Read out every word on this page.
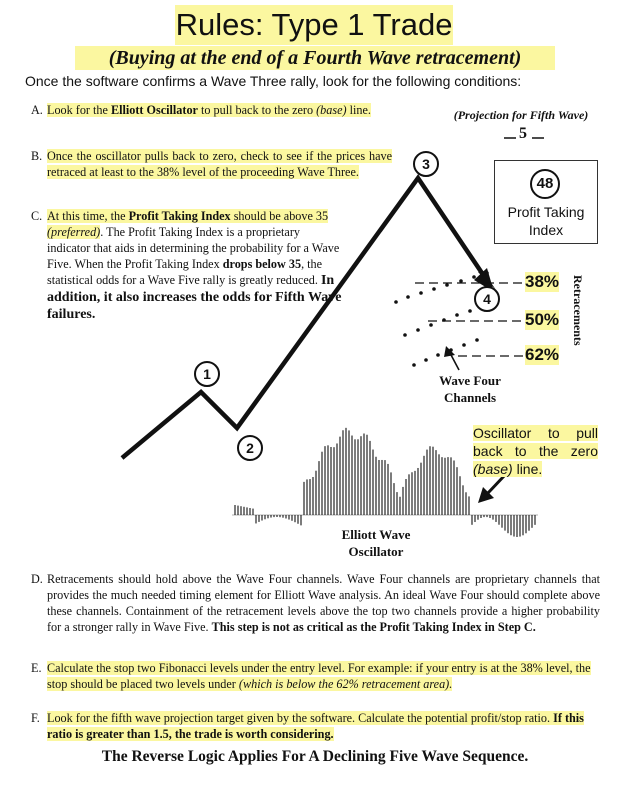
Rules: Type 1 Trade
(Buying at the end of a Fourth Wave retracement)
Once the software confirms a Wave Three rally, look for the following conditions:
A. Look for the Elliott Oscillator to pull back to the zero (base) line.
B. Once the oscillator pulls back to zero, check to see if the prices have retraced at least to the 38% level of the proceeding Wave Three.
C. At this time, the Profit Taking Index should be above 35 (preferred). The Profit Taking Index is a proprietary indicator that aids in determining the probability for a Wave Five. When the Profit Taking Index drops below 35, the statistical odds for a Wave Five rally is greatly reduced. In addition, it also increases the odds for Fifth Wave failures.
1
2
3
4
(Projection for Fifth Wave)
5
48
Profit Taking Index
38%
50%
62%
Retracements
Wave Four Channels
Elliott Wave Oscillator
Oscillator to pull back to the zero (base) line.
D. Retracements should hold above the Wave Four channels. Wave Four channels are proprietary channels that provides the much needed timing element for Elliott Wave analysis. An ideal Wave Four should complete above these channels. Containment of the retracement levels above the top two channels provide a higher probability for a stronger rally in Wave Five. This step is not as critical as the Profit Taking Index in Step C.
E. Calculate the stop two Fibonacci levels under the entry level. For example: if your entry is at the 38% level, the stop should be placed two levels under (which is below the 62% retracement area).
F. Look for the fifth wave projection target given by the software. Calculate the potential profit/stop ratio. If this ratio is greater than 1.5, the trade is worth considering.
The Reverse Logic Applies For A Declining Five Wave Sequence.
